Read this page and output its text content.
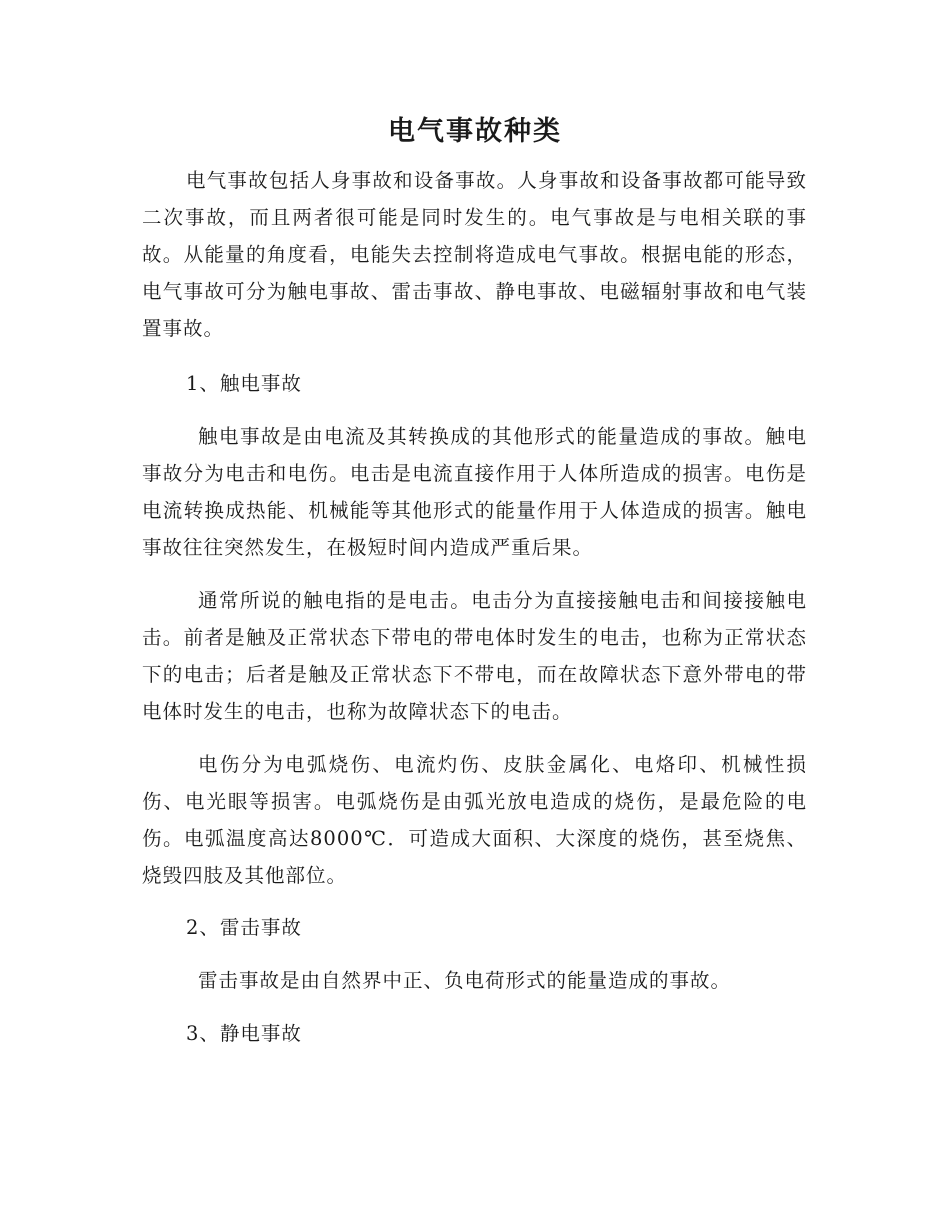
电气事故种类

电气事故包括人身事故和设备事故。人身事故和设备事故都可能导致二次事故，而且两者很可能是同时发生的。电气事故是与电相关联的事故。从能量的角度看，电能失去控制将造成电气事故。根据电能的形态，电气事故可分为触电事故、雷击事故、静电事故、电磁辐射事故和电气装置事故。

1、触电事故

触电事故是由电流及其转换成的其他形式的能量造成的事故。触电事故分为电击和电伤。电击是电流直接作用于人体所造成的损害。电伤是电流转换成热能、机械能等其他形式的能量作用于人体造成的损害。触电事故往往突然发生，在极短时间内造成严重后果。

通常所说的触电指的是电击。电击分为直接接触电击和间接接触电击。前者是触及正常状态下带电的带电体时发生的电击，也称为正常状态下的电击；后者是触及正常状态下不带电，而在故障状态下意外带电的带电体时发生的电击，也称为故障状态下的电击。

电伤分为电弧烧伤、电流灼伤、皮肤金属化、电烙印、机械性损伤、电光眼等损害。电弧烧伤是由弧光放电造成的烧伤，是最危险的电伤。电弧温度高达8000℃．可造成大面积、大深度的烧伤，甚至烧焦、烧毁四肢及其他部位。

2、雷击事故

雷击事故是由自然界中正、负电荷形式的能量造成的事故。

3、静电事故
